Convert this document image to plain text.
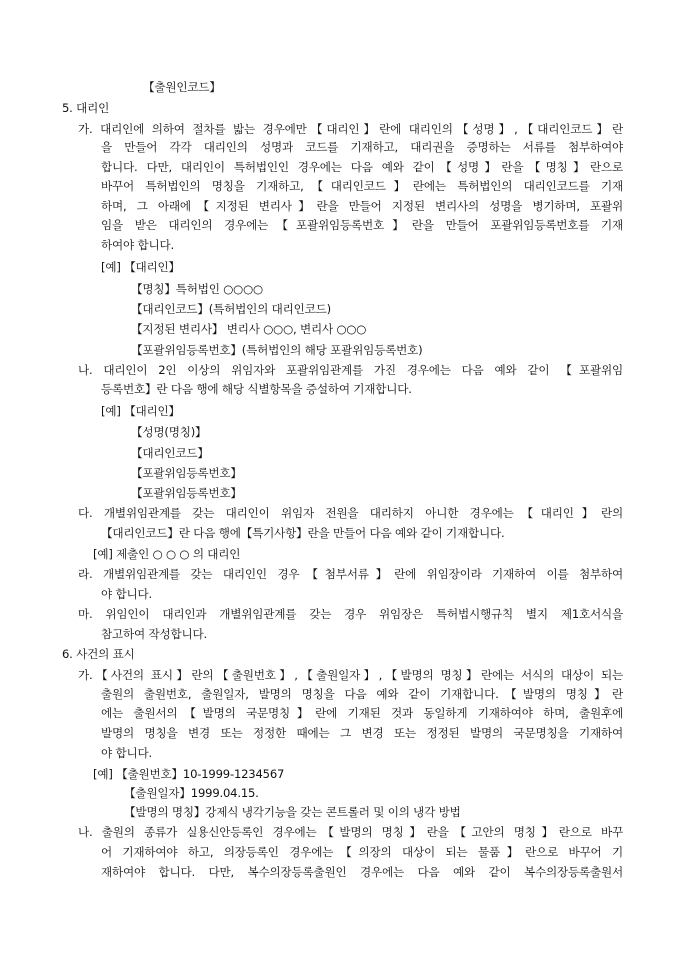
【출원인코드】
5. 대리인
가. 대리인에 의하여 절차를 밟는 경우에만【대리인】란에 대리인의【성명】,【대리인코드】란
을 만들어 각각 대리인의 성명과 코드를 기재하고, 대리권을 증명하는 서류를 첨부하여야
합니다. 다만, 대리인이 특허법인인 경우에는 다음 예와 같이【성명】란을【명칭】란으로
바꾸어 특허법인의 명칭을 기재하고,【대리인코드】란에는 특허법인의 대리인코드를 기재
하며, 그 아래에【지정된 변리사】란을 만들어 지정된 변리사의 성명을 병기하며, 포괄위
임을 받은 대리인의 경우에는【포괄위임등록번호】란을 만들어 포괄위임등록번호를 기재
하여야 합니다.
[예] 【대리인】
【명칭】특허법인 ○○○○
【대리인코드】(특허법인의 대리인코드)
【지정된 변리사】 변리사 ○○○, 변리사 ○○○
【포괄위임등록번호】(특허법인의 해당 포괄위임등록번호)
나. 대리인이 2인 이상의 위임자와 포괄위임관계를 가진 경우에는 다음 예와 같이 【포괄위임
등록번호】란 다음 행에 해당 식별항목을 증설하여 기재합니다.
[예] 【대리인】
【성명(명칭)】
【대리인코드】
【포괄위임등록번호】
【포괄위임등록번호】
다. 개별위임관계를 갖는 대리인이 위임자 전원을 대리하지 아니한 경우에는【대리인】란의
【대리인코드】란 다음 행에【특기사항】란을 만들어 다음 예와 같이 기재합니다.
[예] 제출인 ○ ○ ○ 의 대리인
라. 개별위임관계를 갖는 대리인인 경우【첨부서류】란에 위임장이라 기재하여 이를 첨부하여
야 합니다.
마. 위임인이 대리인과 개별위임관계를 갖는 경우 위임장은 특허법시행규칙 별지 제1호서식을
참고하여 작성합니다.
6. 사건의 표시
가.【사건의 표시】란의【출원번호】,【출원일자】,【발명의 명칭】란에는 서식의 대상이 되는
출원의 출원번호, 출원일자, 발명의 명칭을 다음 예와 같이 기재합니다.【발명의 명칭】란
에는 출원서의【발명의 국문명칭】란에 기재된 것과 동일하게 기재하여야 하며, 출원후에
발명의 명칭을 변경 또는 정정한 때에는 그 변경 또는 정정된 발명의 국문명칭을 기재하여
야 합니다.
[예] 【출원번호】10-1999-1234567
【출원일자】1999.04.15.
【발명의 명칭】강제식 냉각기능을 갖는 콘트롤러 및 이의 냉각 방법
나. 출원의 종류가 실용신안등록인 경우에는【발명의 명칭】란을【고안의 명칭】란으로 바꾸
어 기재하여야 하고, 의장등록인 경우에는【의장의 대상이 되는 물품】란으로 바꾸어 기
재하여야 합니다. 다만, 복수의장등록출원인 경우에는 다음 예와 같이 복수의장등록출원서
